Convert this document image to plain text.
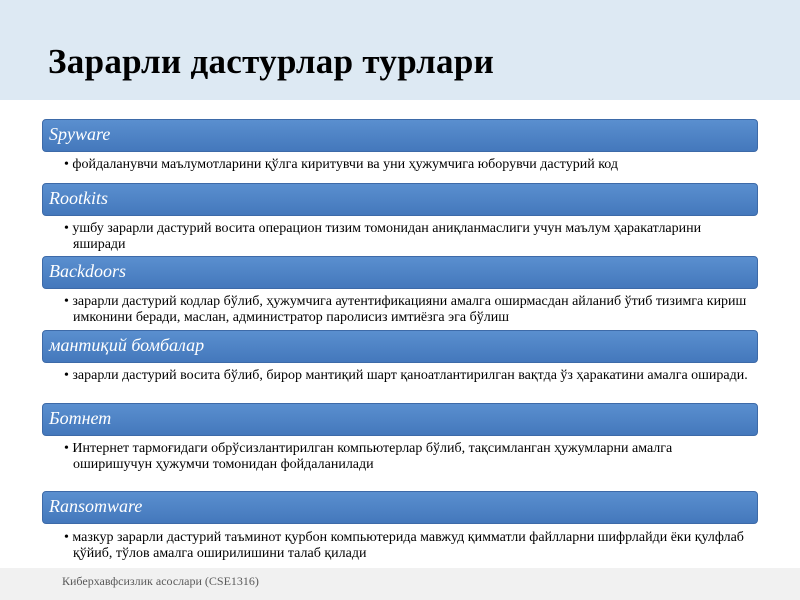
Зарарли дастурлар турлари
Spyware
• фойдаланувчи маълумотларини қўлга киритувчи ва уни ҳужумчига юборувчи дастурий код
Rootkits
• ушбу зарарли дастурий восита операцион тизим томонидан аниқланмаслиги учун маълум ҳаракатларини яширади
Backdoors
• зарарли дастурий кодлар бўлиб, ҳужумчига аутентификацияни амалга оширмасдан айланиб ўтиб тизимга кириш имконини беради, маслан, администратор паролисиз имтиёзга эга бўлиш
мантиқий бомбалар
• зарарли дастурий восита бўлиб, бирор мантиқий шарт қаноатлантирилган вақтда ўз ҳаракатини амалга оширади.
Ботнет
• Интернет тармоғидаги обрўсизлантирилган компьютерлар бўлиб, тақсимланган ҳужумларни амалга оширишучун ҳужумчи томонидан фойдаланилади
Ransomware
• мазкур зарарли дастурий таъминот қурбон компьютерида мавжуд қимматли файлларни шифрлайди ёки қулфлаб қўйиб, тўлов амалга оширилишини талаб қилади
Киберхавфсизлик асослари (CSE1316)
